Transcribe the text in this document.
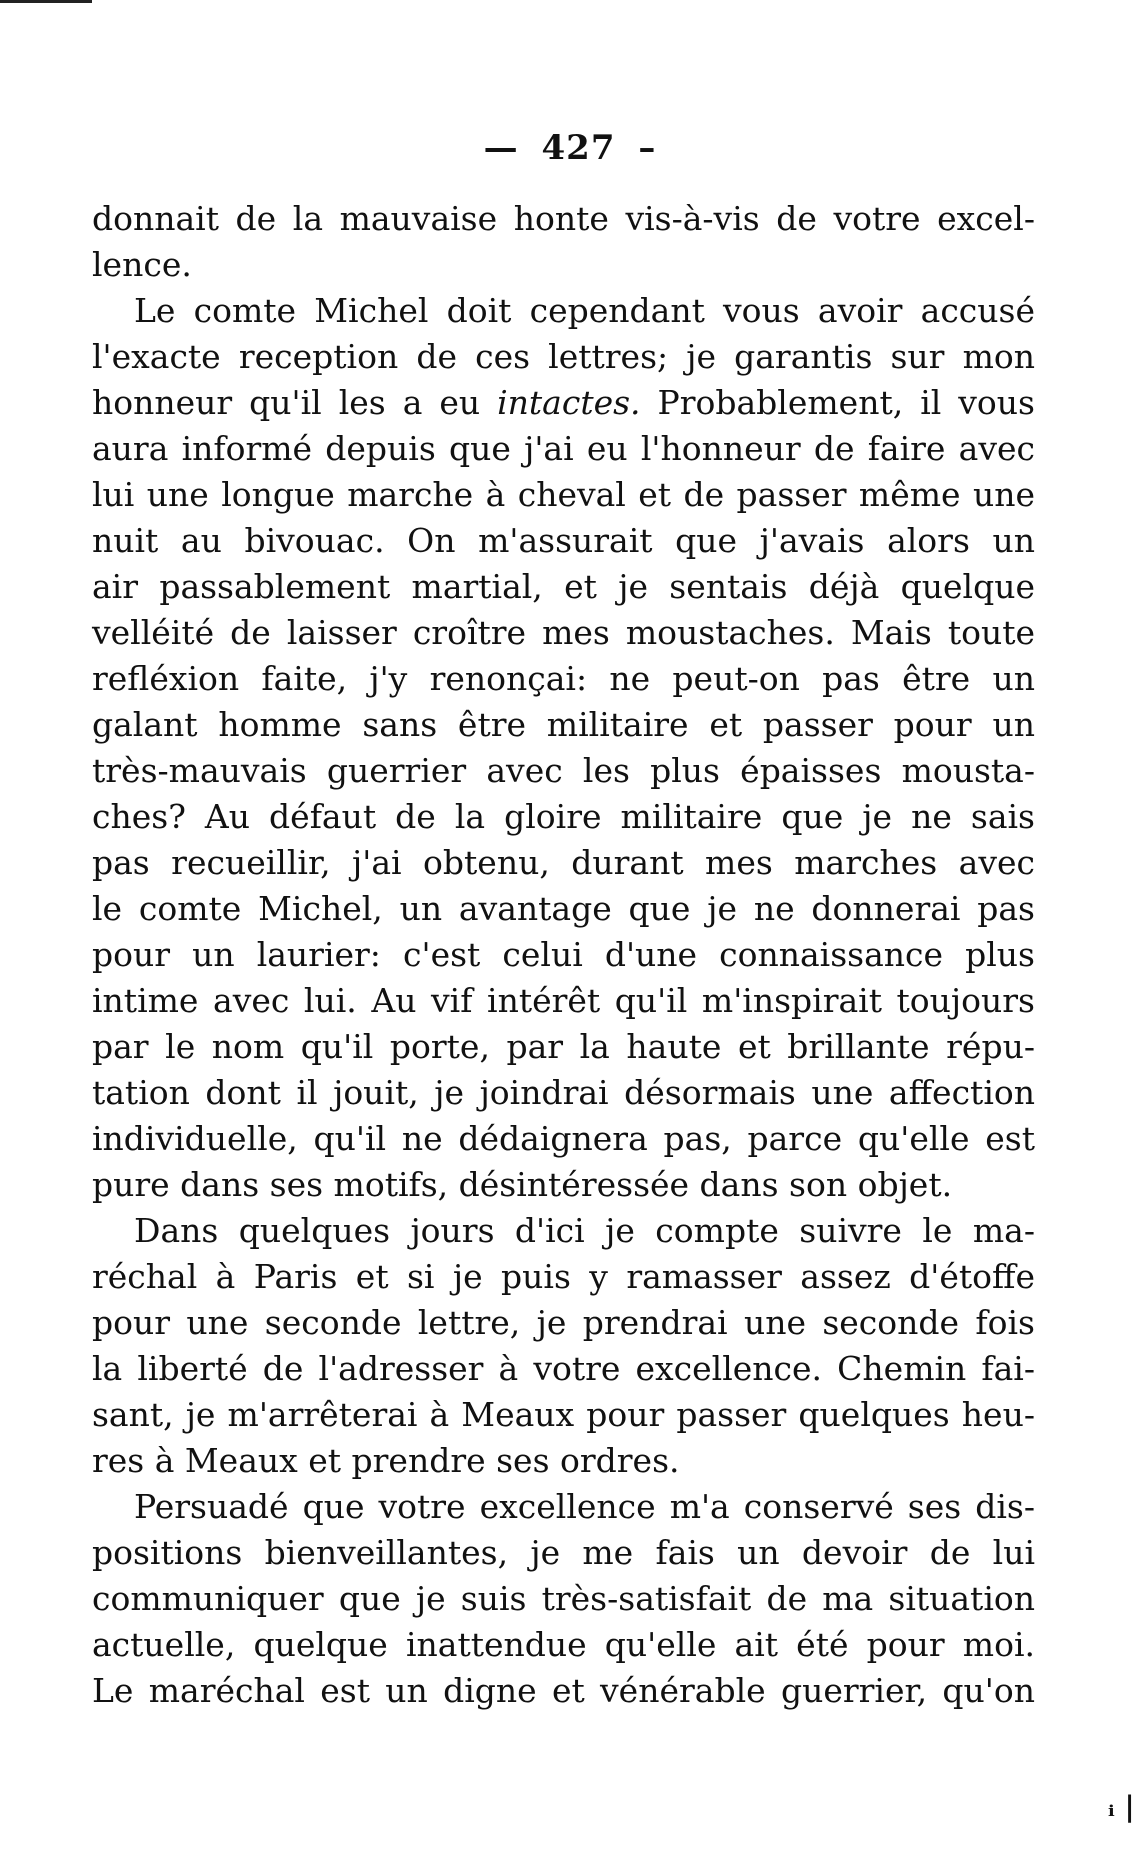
— 427 –
donnait de la mauvaise honte vis-à-vis de votre excel-
lence.
Le comte Michel doit cependant vous avoir accusé
l'exacte reception de ces lettres; je garantis sur mon
honneur qu'il les a eu intactes. Probablement, il vous
aura informé depuis que j'ai eu l'honneur de faire avec
lui une longue marche à cheval et de passer même une
nuit au bivouac. On m'assurait que j'avais alors un
air passablement martial, et je sentais déjà quelque
velléité de laisser croître mes moustaches. Mais toute
refléxion faite, j'y renonçai: ne peut-on pas être un
galant homme sans être militaire et passer pour un
très-mauvais guerrier avec les plus épaisses mousta-
ches? Au défaut de la gloire militaire que je ne sais
pas recueillir, j'ai obtenu, durant mes marches avec
le comte Michel, un avantage que je ne donnerai pas
pour un laurier: c'est celui d'une connaissance plus
intime avec lui. Au vif intérêt qu'il m'inspirait toujours
par le nom qu'il porte, par la haute et brillante répu-
tation dont il jouit, je joindrai désormais une affection
individuelle, qu'il ne dédaignera pas, parce qu'elle est
pure dans ses motifs, désintéressée dans son objet.
Dans quelques jours d'ici je compte suivre le ma-
réchal à Paris et si je puis y ramasser assez d'étoffe
pour une seconde lettre, je prendrai une seconde fois
la liberté de l'adresser à votre excellence. Chemin fai-
sant, je m'arrêterai à Meaux pour passer quelques heu-
res à Meaux et prendre ses ordres.
Persuadé que votre excellence m'a conservé ses dis-
positions bienveillantes, je me fais un devoir de lui
communiquer que je suis très-satisfait de ma situation
actuelle, quelque inattendue qu'elle ait été pour moi.
Le maréchal est un digne et vénérable guerrier, qu'on
ᵢ |
